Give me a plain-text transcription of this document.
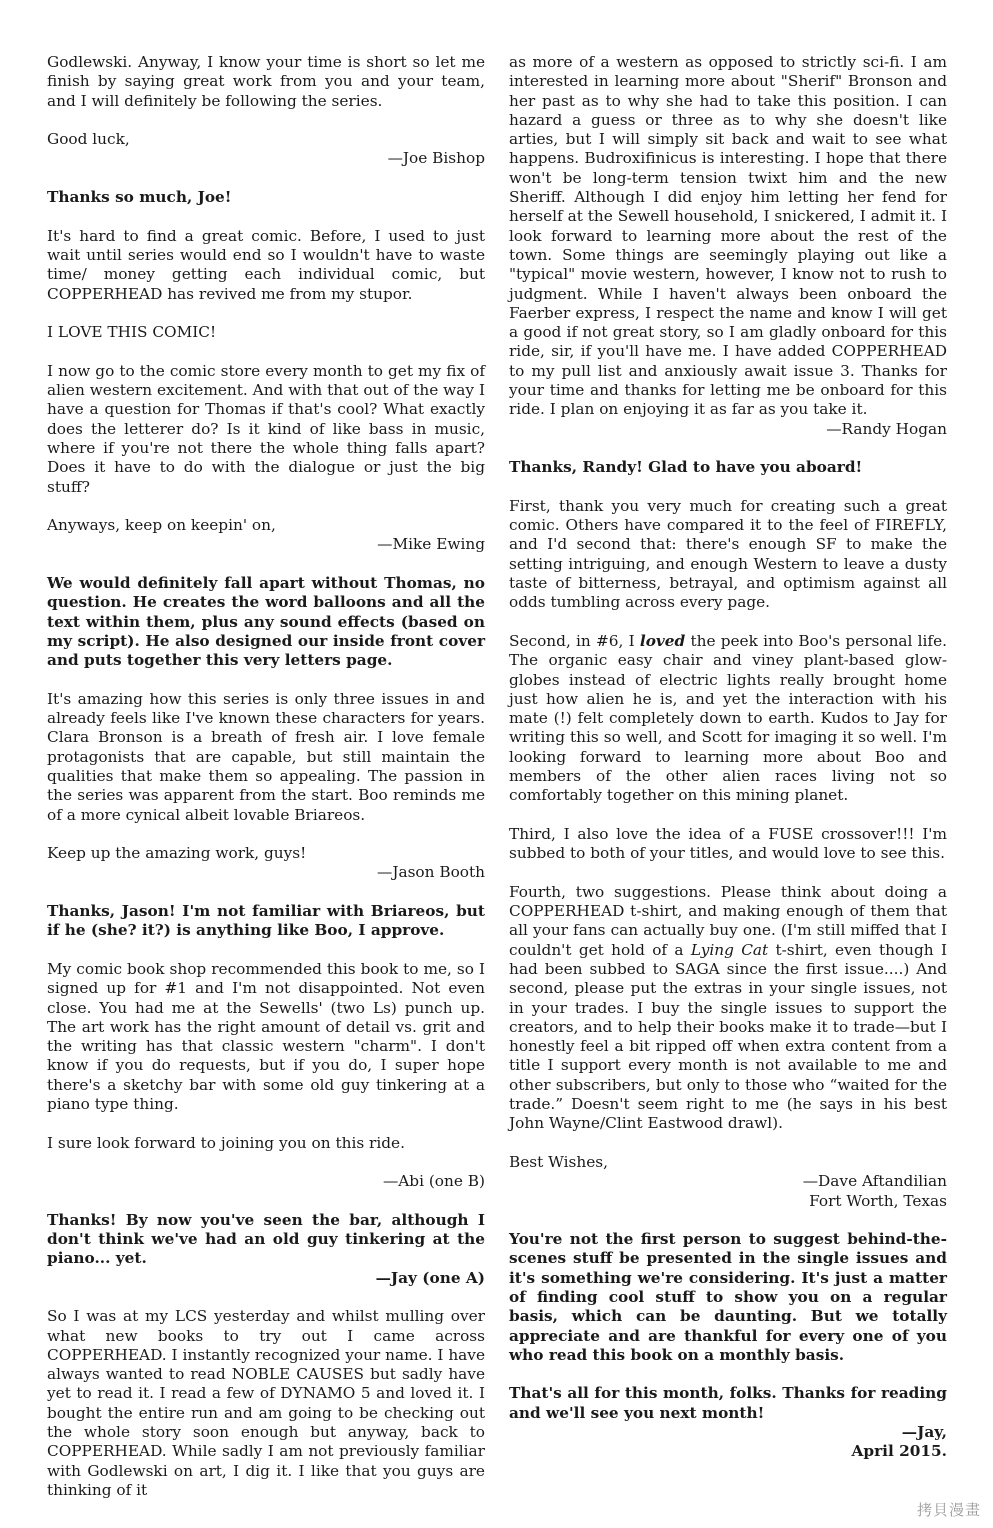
Godlewski. Anyway, I know your time is short so let me finish by saying great work from you and your team, and I will definitely be following the series.

Good luck,

—Joe Bishop

Thanks so much, Joe!

It's hard to find a great comic. Before, I used to just wait until series would end so I wouldn't have to waste time/ money getting each individual comic, but COPPERHEAD has revived me from my stupor.

I LOVE THIS COMIC!

I now go to the comic store every month to get my fix of alien western excitement. And with that out of the way I have a question for Thomas if that's cool? What exactly does the letterer do? Is it kind of like bass in music, where if you're not there the whole thing falls apart? Does it have to do with the dialogue or just the big stuff?

Anyways, keep on keepin' on,

—Mike Ewing

We would definitely fall apart without Thomas, no question. He creates the word balloons and all the text within them, plus any sound effects (based on my script). He also designed our inside front cover and puts together this very letters page.

It's amazing how this series is only three issues in and already feels like I've known these characters for years. Clara Bronson is a breath of fresh air. I love female protagonists that are capable, but still maintain the qualities that make them so appealing. The passion in the series was apparent from the start. Boo reminds me of a more cynical albeit lovable Briareos.

Keep up the amazing work, guys!

—Jason Booth

Thanks, Jason! I'm not familiar with Briareos, but if he (she? it?) is anything like Boo, I approve.

My comic book shop recommended this book to me, so I signed up for #1 and I'm not disappointed. Not even close. You had me at the Sewells' (two Ls) punch up. The art work has the right amount of detail vs. grit and the writing has that classic western "charm". I don't know if you do requests, but if you do, I super hope there's a sketchy bar with some old guy tinkering at a piano type thing.

I sure look forward to joining you on this ride.

—Abi (one B)

Thanks! By now you've seen the bar, although I don't think we've had an old guy tinkering at the piano... yet.

—Jay (one A)

So I was at my LCS yesterday and whilst mulling over what new books to try out I came across COPPERHEAD. I instantly recognized your name. I have always wanted to read NOBLE CAUSES but sadly have yet to read it. I read a few of DYNAMO 5 and loved it. I bought the entire run and am going to be checking out the whole story soon enough but anyway, back to COPPERHEAD. While sadly I am not previously familiar with Godlewski on art, I dig it. I like that you guys are thinking of it

as more of a western as opposed to strictly sci-fi. I am interested in learning more about "Sherif" Bronson and her past as to why she had to take this position. I can hazard a guess or three as to why she doesn't like arties, but I will simply sit back and wait to see what happens. Budroxifinicus is interesting. I hope that there won't be long-term tension twixt him and the new Sheriff. Although I did enjoy him letting her fend for herself at the Sewell household, I snickered, I admit it. I look forward to learning more about the rest of the town. Some things are seemingly playing out like a "typical" movie western, however, I know not to rush to judgment. While I haven't always been onboard the Faerber express, I respect the name and know I will get a good if not great story, so I am gladly onboard for this ride, sir, if you'll have me. I have added COPPERHEAD to my pull list and anxiously await issue 3. Thanks for your time and thanks for letting me be onboard for this ride. I plan on enjoying it as far as you take it.

—Randy Hogan

Thanks, Randy! Glad to have you aboard!

First, thank you very much for creating such a great comic. Others have compared it to the feel of FIREFLY, and I'd second that: there's enough SF to make the setting intriguing, and enough Western to leave a dusty taste of bitterness, betrayal, and optimism against all odds tumbling across every page.

Second, in #6, I loved the peek into Boo's personal life. The organic easy chair and viney plant-based glow-globes instead of electric lights really brought home just how alien he is, and yet the interaction with his mate (!) felt completely down to earth. Kudos to Jay for writing this so well, and Scott for imaging it so well. I'm looking forward to learning more about Boo and members of the other alien races living not so comfortably together on this mining planet.

Third, I also love the idea of a FUSE crossover!!! I'm subbed to both of your titles, and would love to see this.

Fourth, two suggestions. Please think about doing a COPPERHEAD t-shirt, and making enough of them that all your fans can actually buy one. (I'm still miffed that I couldn't get hold of a Lying Cat t-shirt, even though I had been subbed to SAGA since the first issue....) And second, please put the extras in your single issues, not in your trades. I buy the single issues to support the creators, and to help their books make it to trade—but I honestly feel a bit ripped off when extra content from a title I support every month is not available to me and other subscribers, but only to those who “waited for the trade.” Doesn't seem right to me (he says in his best John Wayne/Clint Eastwood drawl).

Best Wishes,

—Dave Aftandilian

Fort Worth, Texas

You're not the first person to suggest behind-the-scenes stuff be presented in the single issues and it's something we're considering. It's just a matter of finding cool stuff to show you on a regular basis, which can be daunting. But we totally appreciate and are thankful for every one of you who read this book on a monthly basis.

That's all for this month, folks. Thanks for reading and we'll see you next month!

—Jay,

April 2015.

拷貝漫畫
